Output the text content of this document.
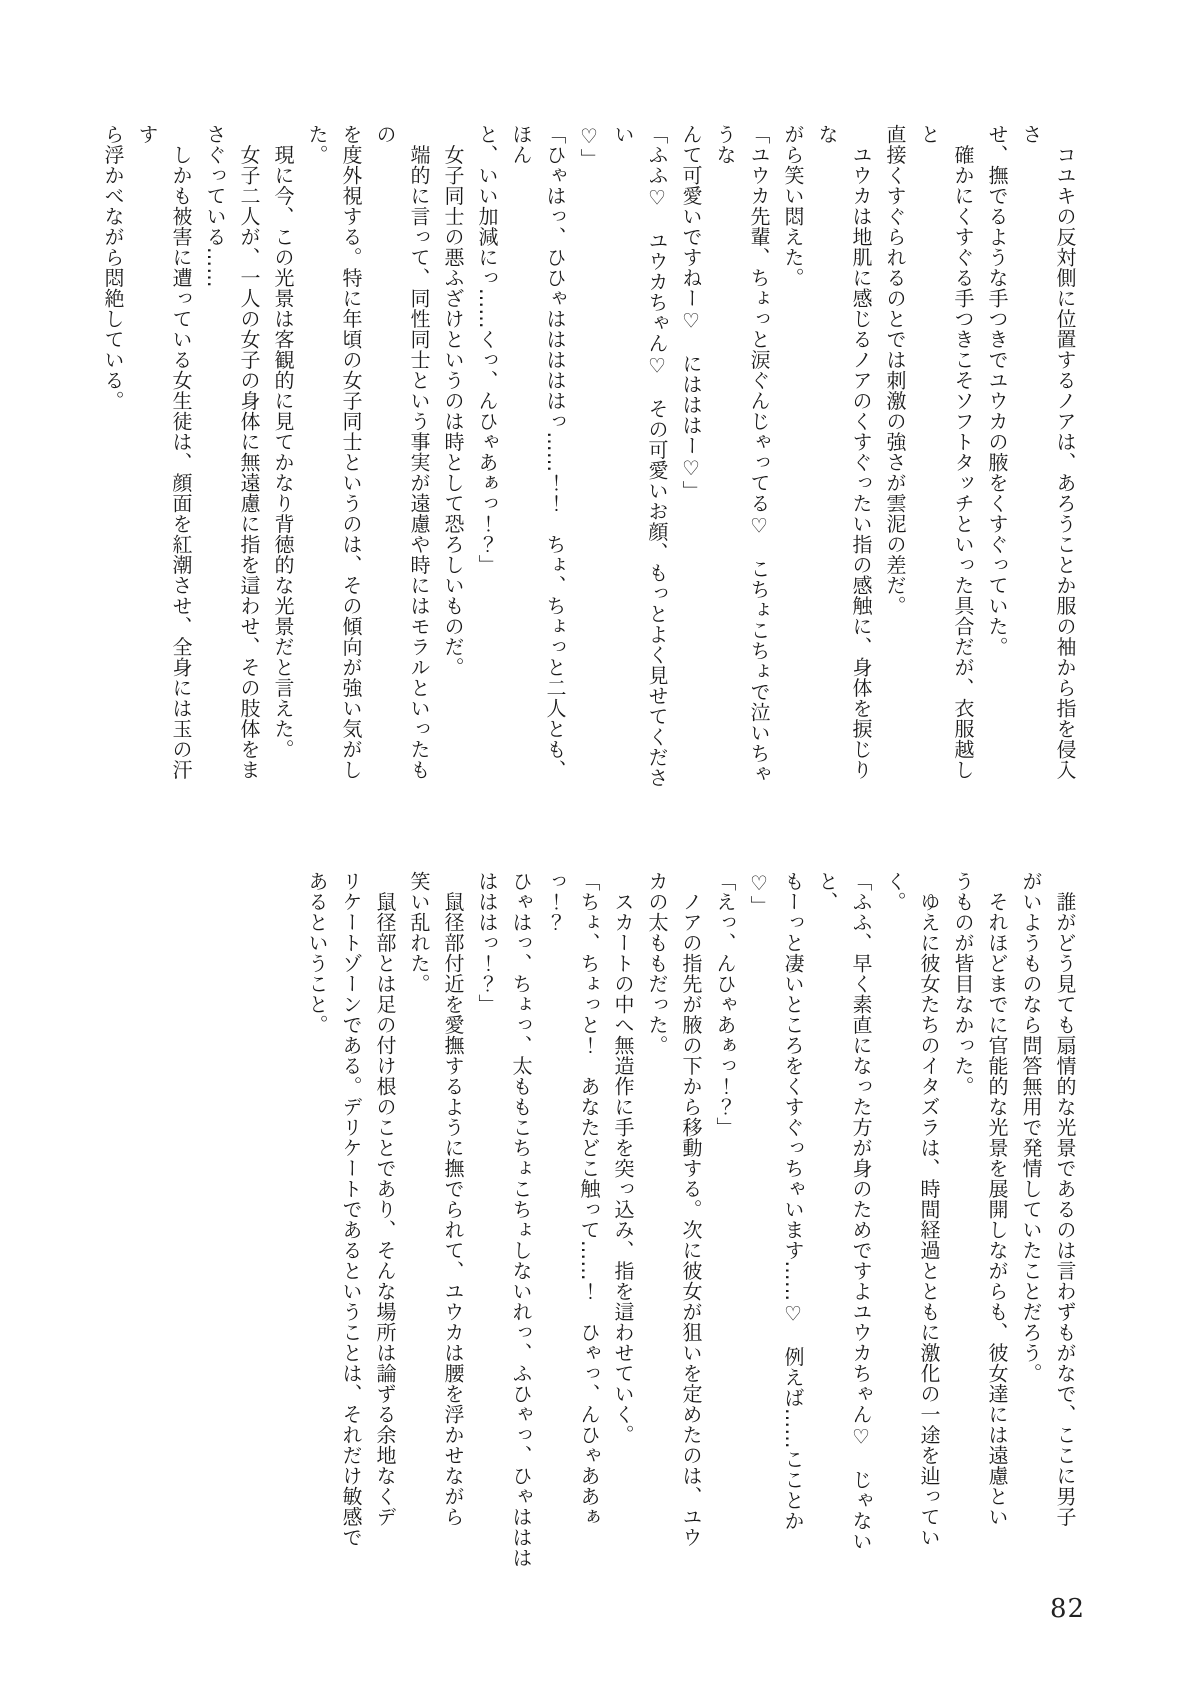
　コユキの反対側に位置するノアは、あろうことか服の袖から指を侵入さ

せ、撫でるような手つきでユウカの腋をくすぐっていた。

　確かにくすぐる手つきこそソフトタッチといった具合だが、衣服越しと

直接くすぐられるのとでは刺激の強さが雲泥の差だ。

　ユウカは地肌に感じるノアのくすぐったい指の感触に、身体を捩じりな

がら笑い悶えた。

「ユウカ先輩、ちょっと涙ぐんじゃってる♡　こちょこちょで泣いちゃうな

んて可愛いですねー♡　にはははー♡」

「ふふ♡　ユウカちゃん♡　その可愛いお顔、もっとよく見せてください

♡」

「ひゃはっ、ひひゃはははははっ……！！　ちょ、ちょっと二人とも、ほん

と、いい加減にっ……くっ、んひゃあぁっ！？」

　女子同士の悪ふざけというのは時として恐ろしいものだ。

　端的に言って、同性同士という事実が遠慮や時にはモラルといったもの

を度外視する。特に年頃の女子同士というのは、その傾向が強い気がし

た。

　現に今、この光景は客観的に見てかなり背徳的な光景だと言えた。

　女子二人が、一人の女子の身体に無遠慮に指を這わせ、その肢体をま

さぐっている……

　しかも被害に遭っている女生徒は、顔面を紅潮させ、全身には玉の汗す

ら浮かべながら悶絶している。

　誰がどう見ても扇情的な光景であるのは言わずもがなで、ここに男子

がいようものなら問答無用で発情していたことだろう。

　それほどまでに官能的な光景を展開しながらも、彼女達には遠慮とい

うものが皆目なかった。

　ゆえに彼女たちのイタズラは、時間経過とともに激化の一途を辿ってい

く。

「ふふ、早く素直になった方が身のためですよユウカちゃん♡　じゃないと、

もーっと凄いところをくすぐっちゃいます……♡　例えば……こことか

♡」

「えっ、んひゃあぁっ！？」

　ノアの指先が腋の下から移動する。次に彼女が狙いを定めたのは、ユウ

カの太ももだった。

　スカートの中へ無造作に手を突っ込み、指を這わせていく。

「ちょ、ちょっと！　あなたどこ触って……！　ひゃっ、んひゃああぁっ！？

ひゃはっ、ちょっ、太ももこちょこちょしないれっ、ふひゃっ、ひゃははは

はははっ！？」

　鼠径部付近を愛撫するように撫でられて、ユウカは腰を浮かせながら

笑い乱れた。

　鼠径部とは足の付け根のことであり、そんな場所は論ずる余地なくデ

リケートゾーンである。デリケートであるということは、それだけ敏感で

あるということ。

82
